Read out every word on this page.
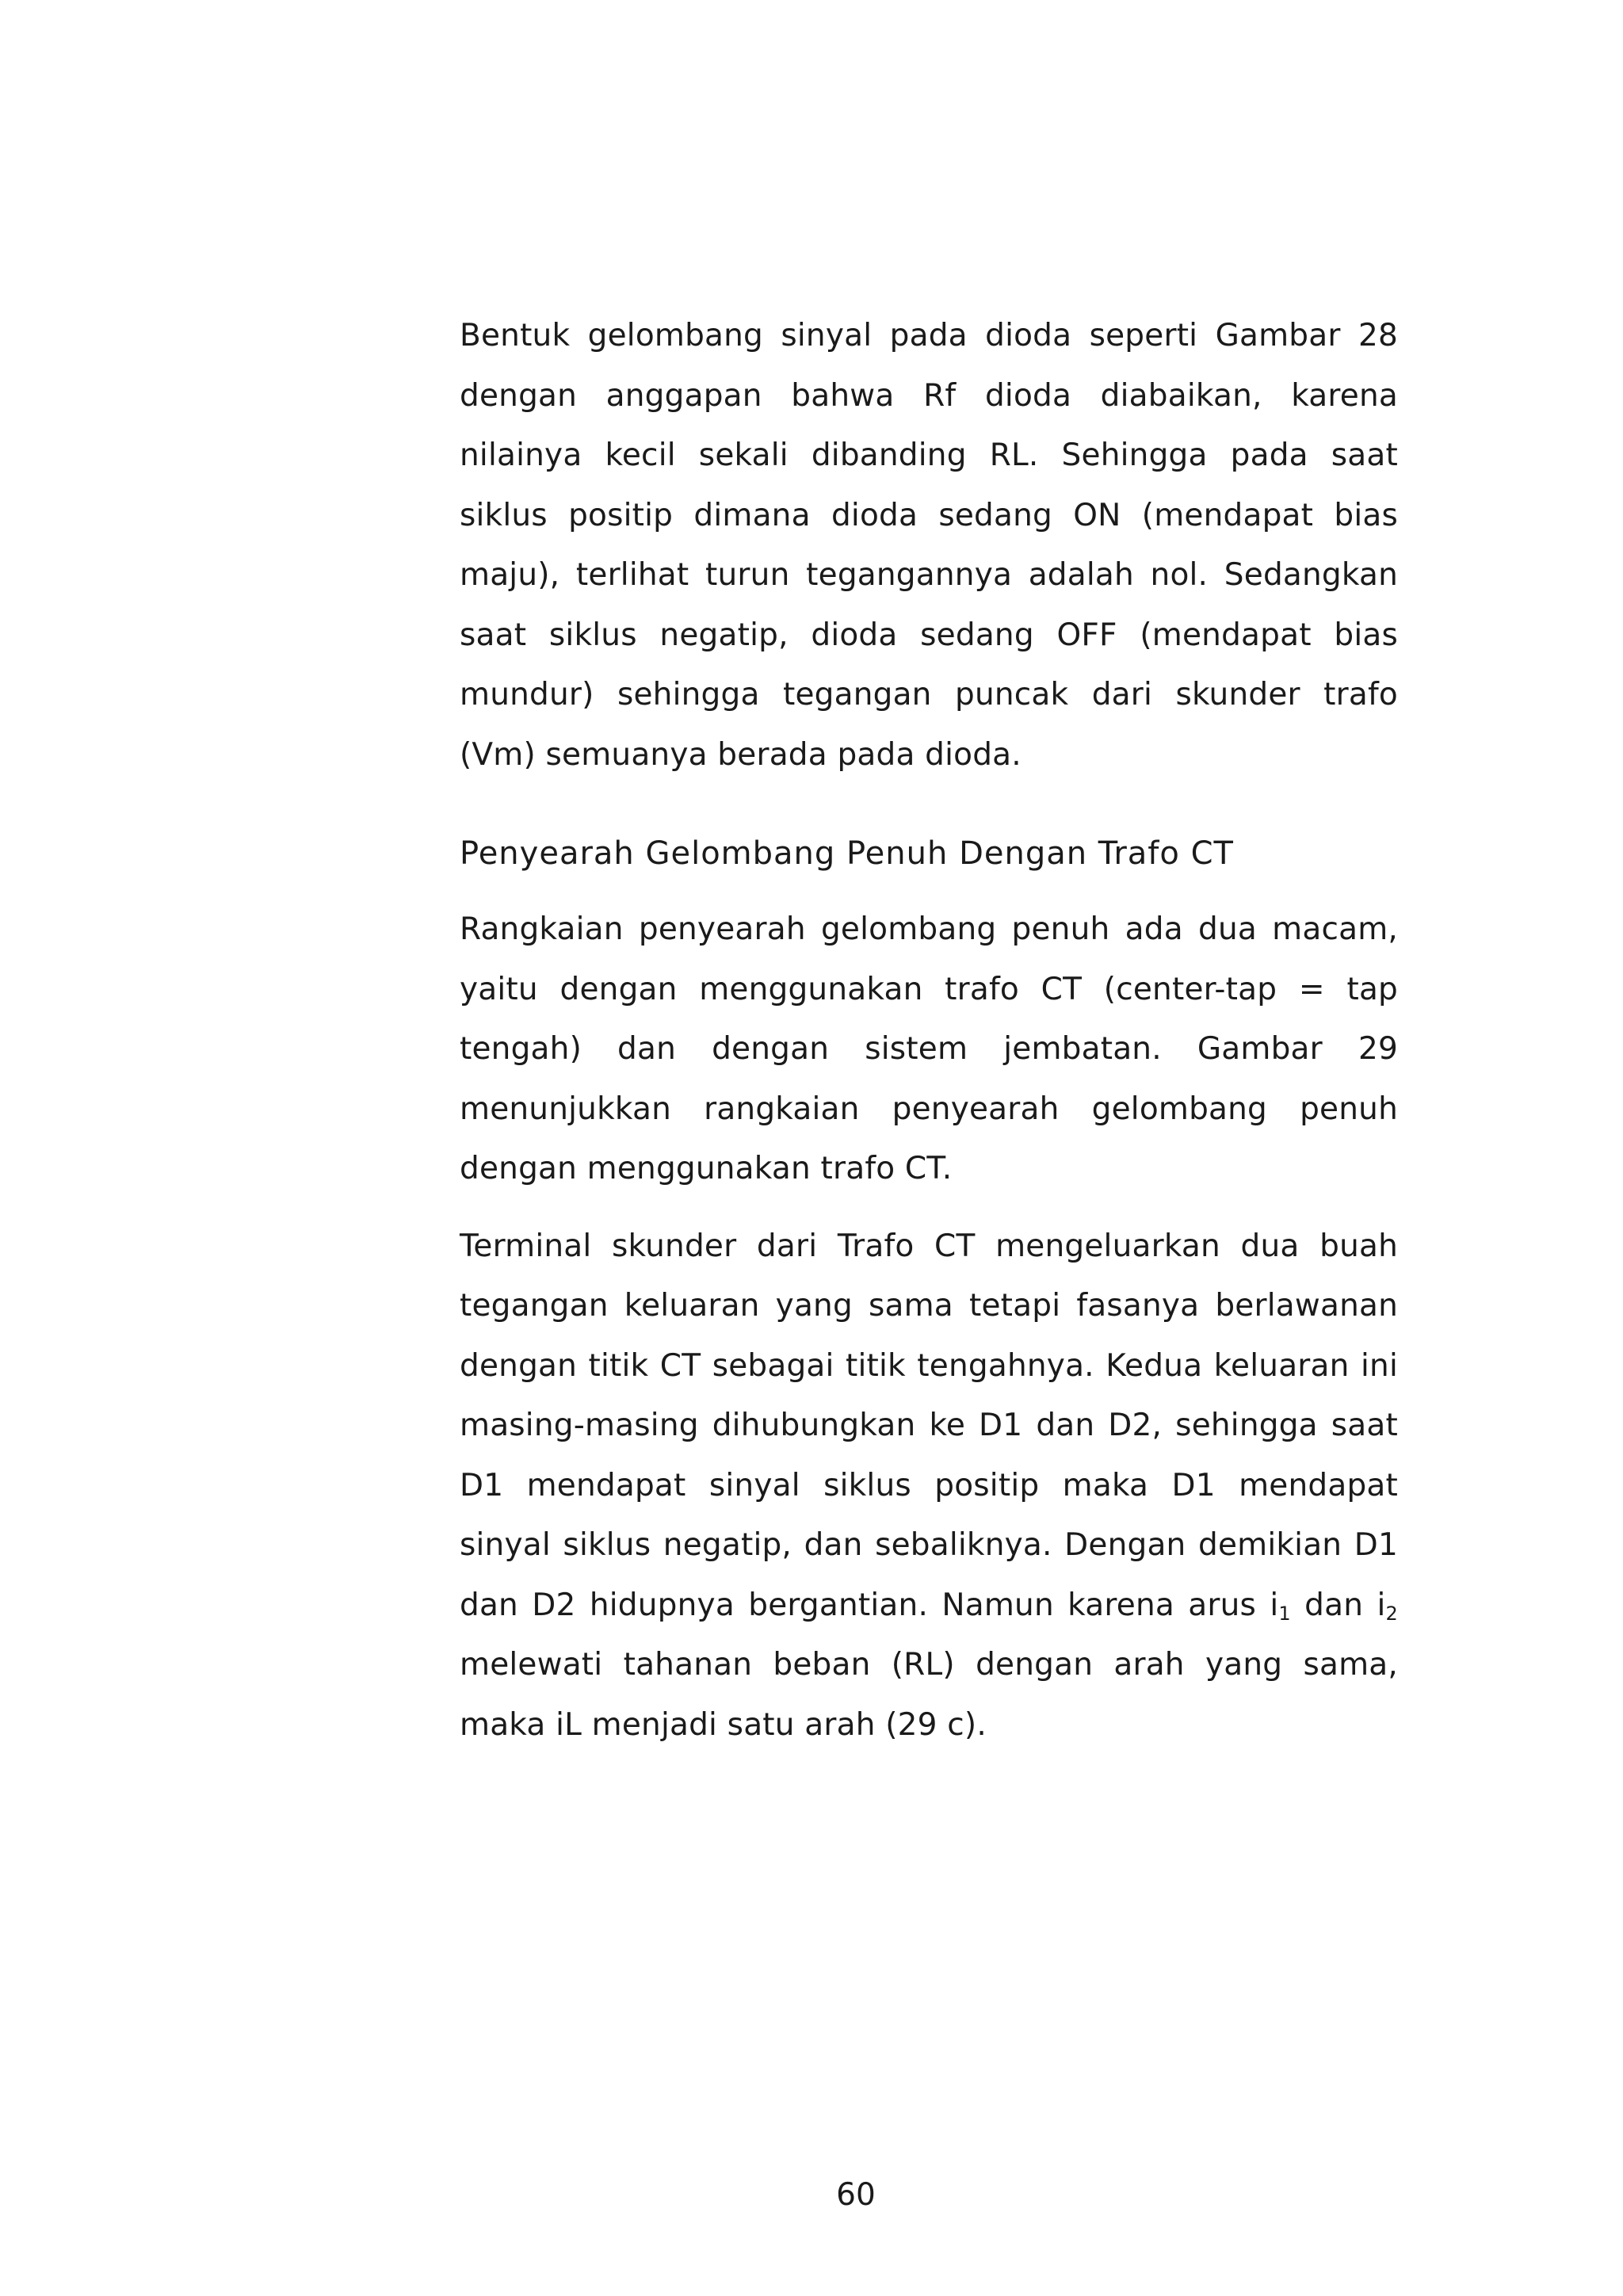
Bentuk gelombang sinyal pada dioda seperti Gambar 28 dengan anggapan bahwa Rf dioda diabaikan, karena nilainya kecil sekali dibanding RL. Sehingga pada saat siklus positip dimana dioda sedang ON (mendapat bias maju), terlihat turun tegangannya adalah nol. Sedangkan saat siklus negatip, dioda sedang OFF (mendapat bias mundur) sehingga tegangan puncak dari skunder trafo (Vm) semuanya berada pada dioda.

Penyearah Gelombang Penuh Dengan Trafo CT

Rangkaian penyearah gelombang penuh ada dua macam, yaitu dengan menggunakan trafo CT (center-tap = tap tengah) dan dengan sistem jembatan. Gambar 29 menunjukkan rangkaian penyearah gelombang penuh dengan menggunakan trafo CT.

Terminal skunder dari Trafo CT mengeluarkan dua buah tegangan keluaran yang sama tetapi fasanya berlawanan dengan titik CT sebagai titik tengahnya. Kedua keluaran ini masing-masing dihubungkan ke D1 dan D2, sehingga saat D1 mendapat sinyal siklus positip maka D1 mendapat sinyal siklus negatip, dan sebaliknya. Dengan demikian D1 dan D2 hidupnya bergantian. Namun karena arus $i_1$ dan $i_2$ melewati tahanan beban (RL) dengan arah yang sama, maka iL menjadi satu arah (29 c).

60
